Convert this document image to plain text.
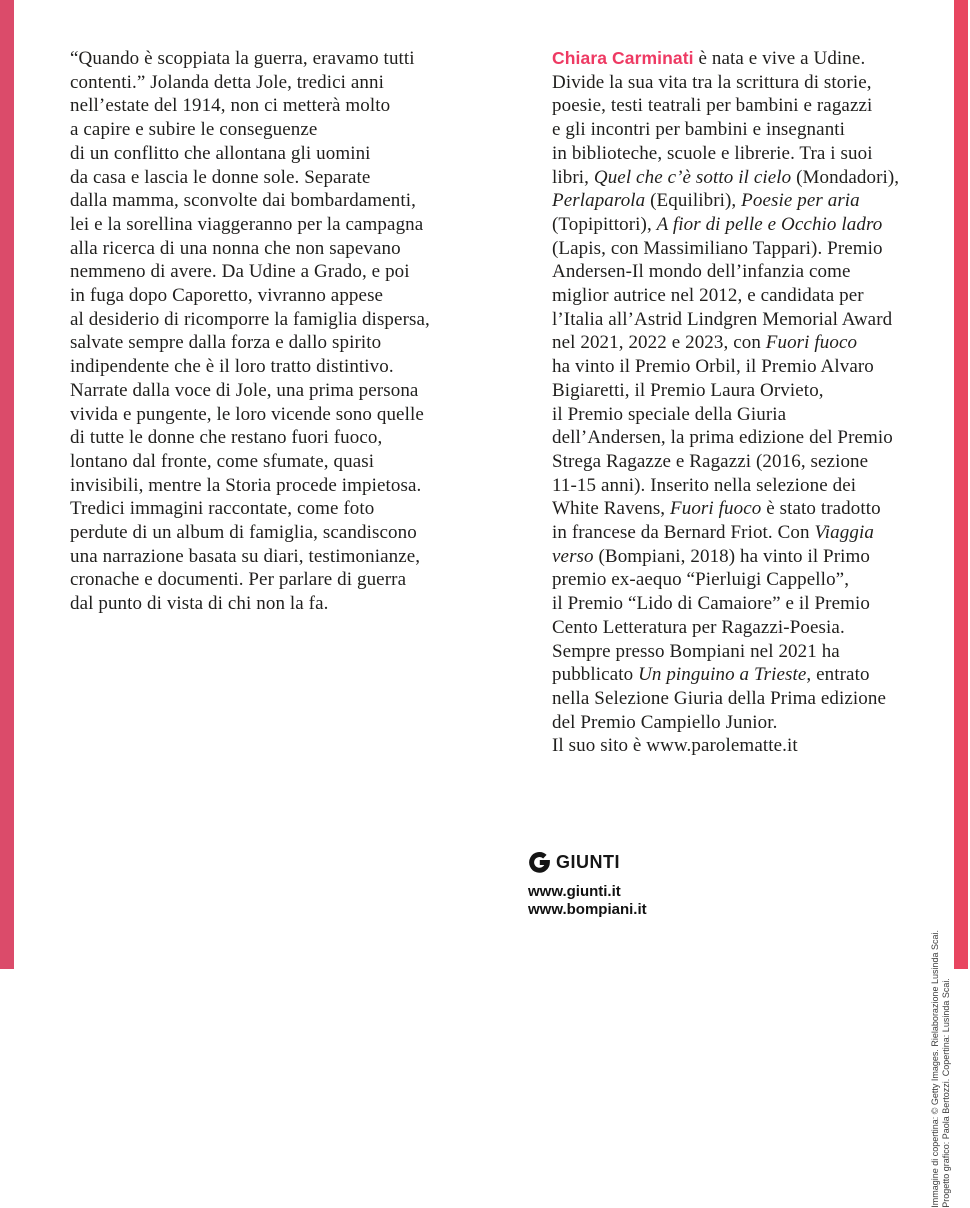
“Quando è scoppiata la guerra, eravamo tutti
contenti.” Jolanda detta Jole, tredici anni
nell’estate del 1914, non ci metterà molto
a capire e subire le conseguenze
di un conflitto che allontana gli uomini
da casa e lascia le donne sole. Separate
dalla mamma, sconvolte dai bombardamenti,
lei e la sorellina viaggeranno per la campagna
alla ricerca di una nonna che non sapevano
nemmeno di avere. Da Udine a Grado, e poi
in fuga dopo Caporetto, vivranno appese
al desiderio di ricomporre la famiglia dispersa,
salvate sempre dalla forza e dallo spirito
indipendente che è il loro tratto distintivo.
Narrate dalla voce di Jole, una prima persona
vivida e pungente, le loro vicende sono quelle
di tutte le donne che restano fuori fuoco,
lontano dal fronte, come sfumate, quasi
invisibili, mentre la Storia procede impietosa.
Tredici immagini raccontate, come foto
perdute di un album di famiglia, scandiscono
una narrazione basata su diari, testimonianze,
cronache e documenti. Per parlare di guerra
dal punto di vista di chi non la fa.
Chiara Carminati è nata e vive a Udine.
Divide la sua vita tra la scrittura di storie,
poesie, testi teatrali per bambini e ragazzi
e gli incontri per bambini e insegnanti
in biblioteche, scuole e librerie. Tra i suoi
libri, Quel che c’è sotto il cielo (Mondadori),
Perlaparola (Equilibri), Poesie per aria
(Topipittori), A fior di pelle e Occhio ladro
(Lapis, con Massimiliano Tappari). Premio
Andersen-Il mondo dell’infanzia come
miglior autrice nel 2012, e candidata per
l’Italia all’Astrid Lindgren Memorial Award
nel 2021, 2022 e 2023, con Fuori fuoco
ha vinto il Premio Orbil, il Premio Alvaro
Bigiaretti, il Premio Laura Orvieto,
il Premio speciale della Giuria
dell’Andersen, la prima edizione del Premio
Strega Ragazze e Ragazzi (2016, sezione
11-15 anni). Inserito nella selezione dei
White Ravens, Fuori fuoco è stato tradotto
in francese da Bernard Friot. Con Viaggia
verso (Bompiani, 2018) ha vinto il Primo
premio ex-aequo “Pierluigi Cappello”,
il Premio “Lido di Camaiore” e il Premio
Cento Letteratura per Ragazzi-Poesia.
Sempre presso Bompiani nel 2021 ha
pubblicato Un pinguino a Trieste, entrato
nella Selezione Giuria della Prima edizione
del Premio Campiello Junior.
Il suo sito è www.parolematte.it
GIUNTI
www.giunti.it
www.bompiani.it
Immagine di copertina: © Getty Images. Rielaborazione Lusinda Scai. Progetto grafico: Paola Bertozzi. Copertina: Lusinda Scai.
